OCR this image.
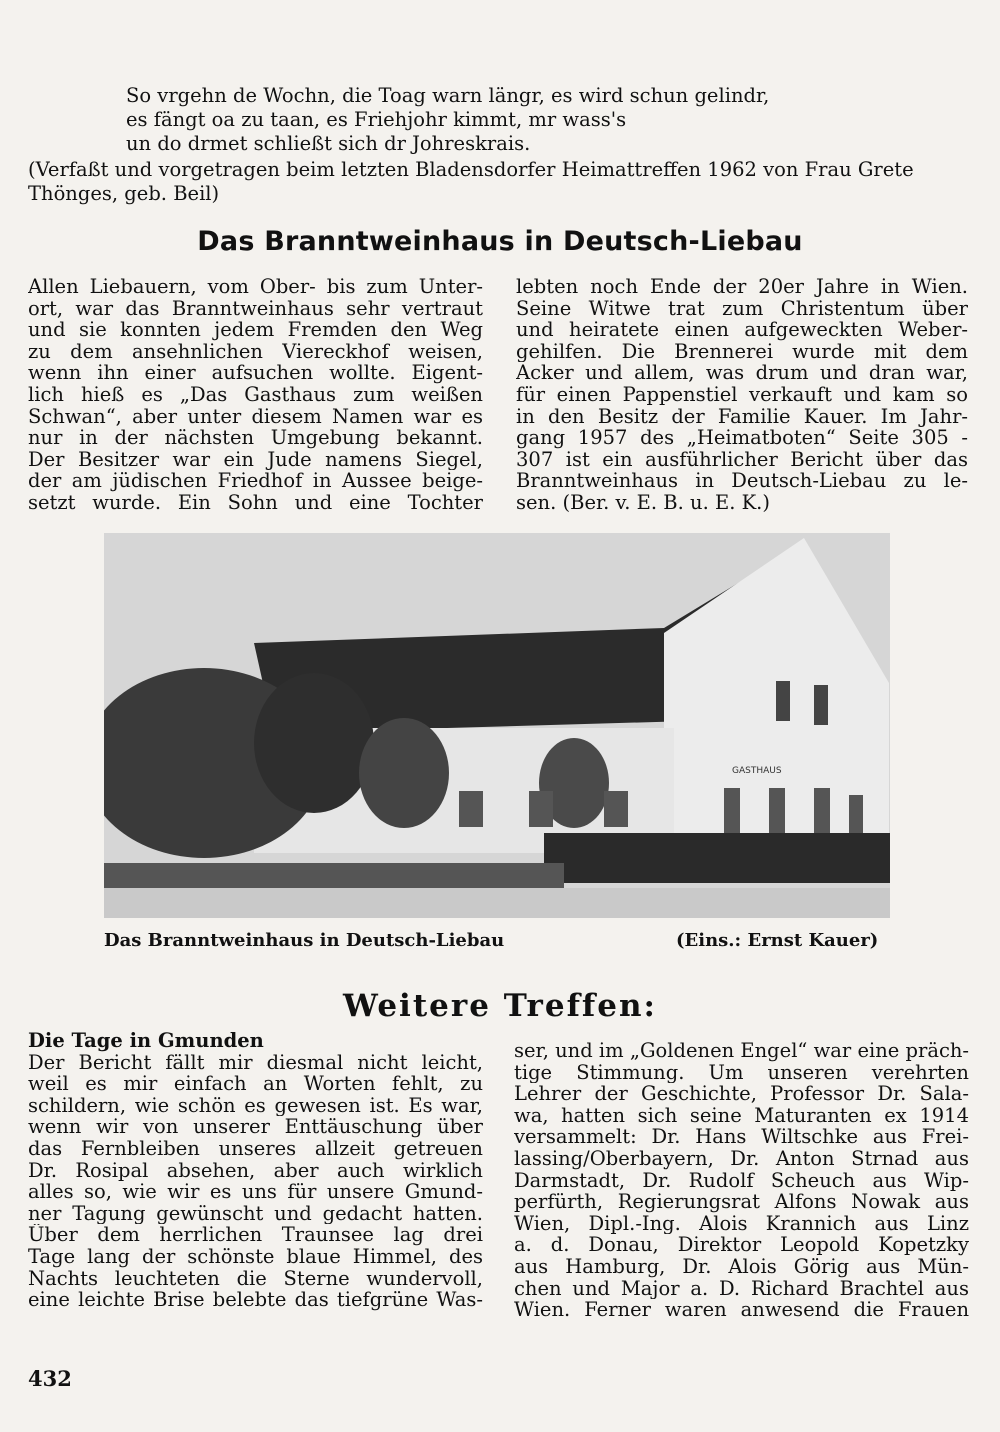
So vrgehn de Wochn, die Toag warn längr, es wird schun gelindr,
es fängt oa zu taan, es Friehjohr kimmt, mr wass's
un do drmet schließt sich dr Johreskrais.
(Verfaßt und vorgetragen beim letzten Bladensdorfer Heimattreffen 1962 von Frau Grete Thönges, geb. Beil)
Das Branntweinhaus in Deutsch-Liebau
Allen Liebauern, vom Ober- bis zum Unter-
ort, war das Branntweinhaus sehr vertraut
und sie konnten jedem Fremden den Weg
zu dem ansehnlichen Viereckhof weisen,
wenn ihn einer aufsuchen wollte. Eigent-
lich hieß es „Das Gasthaus zum weißen
Schwan“, aber unter diesem Namen war es
nur in der nächsten Umgebung bekannt.
Der Besitzer war ein Jude namens Siegel,
der am jüdischen Friedhof in Aussee beige-
setzt wurde. Ein Sohn und eine Tochter
lebten noch Ende der 20er Jahre in Wien.
Seine Witwe trat zum Christentum über
und heiratete einen aufgeweckten Weber-
gehilfen. Die Brennerei wurde mit dem
Acker und allem, was drum und dran war,
für einen Pappenstiel verkauft und kam so
in den Besitz der Familie Kauer. Im Jahr-
gang 1957 des „Heimatboten“ Seite 305 -
307 ist ein ausführlicher Bericht über das
Branntweinhaus in Deutsch-Liebau zu le-
sen. (Ber. v. E. B. u. E. K.)
GASTHAUS
Das Branntweinhaus in Deutsch-Liebau	(Eins.: Ernst Kauer)
Weitere Treffen:
Die Tage in Gmunden
Der Bericht fällt mir diesmal nicht leicht,
weil es mir einfach an Worten fehlt, zu
schildern, wie schön es gewesen ist. Es war,
wenn wir von unserer Enttäuschung über
das Fernbleiben unseres allzeit getreuen
Dr. Rosipal absehen, aber auch wirklich
alles so, wie wir es uns für unsere Gmund-
ner Tagung gewünscht und gedacht hatten.
Über dem herrlichen Traunsee lag drei
Tage lang der schönste blaue Himmel, des
Nachts leuchteten die Sterne wundervoll,
eine leichte Brise belebte das tiefgrüne Was-
ser, und im „Goldenen Engel“ war eine präch-
tige Stimmung. Um unseren verehrten
Lehrer der Geschichte, Professor Dr. Sala-
wa, hatten sich seine Maturanten ex 1914
versammelt: Dr. Hans Wiltschke aus Frei-
lassing/Oberbayern, Dr. Anton Strnad aus
Darmstadt, Dr. Rudolf Scheuch aus Wip-
perfürth, Regierungsrat Alfons Nowak aus
Wien, Dipl.-Ing. Alois Krannich aus Linz
a. d. Donau, Direktor Leopold Kopetzky
aus Hamburg, Dr. Alois Görig aus Mün-
chen und Major a. D. Richard Brachtel aus
Wien. Ferner waren anwesend die Frauen
432
